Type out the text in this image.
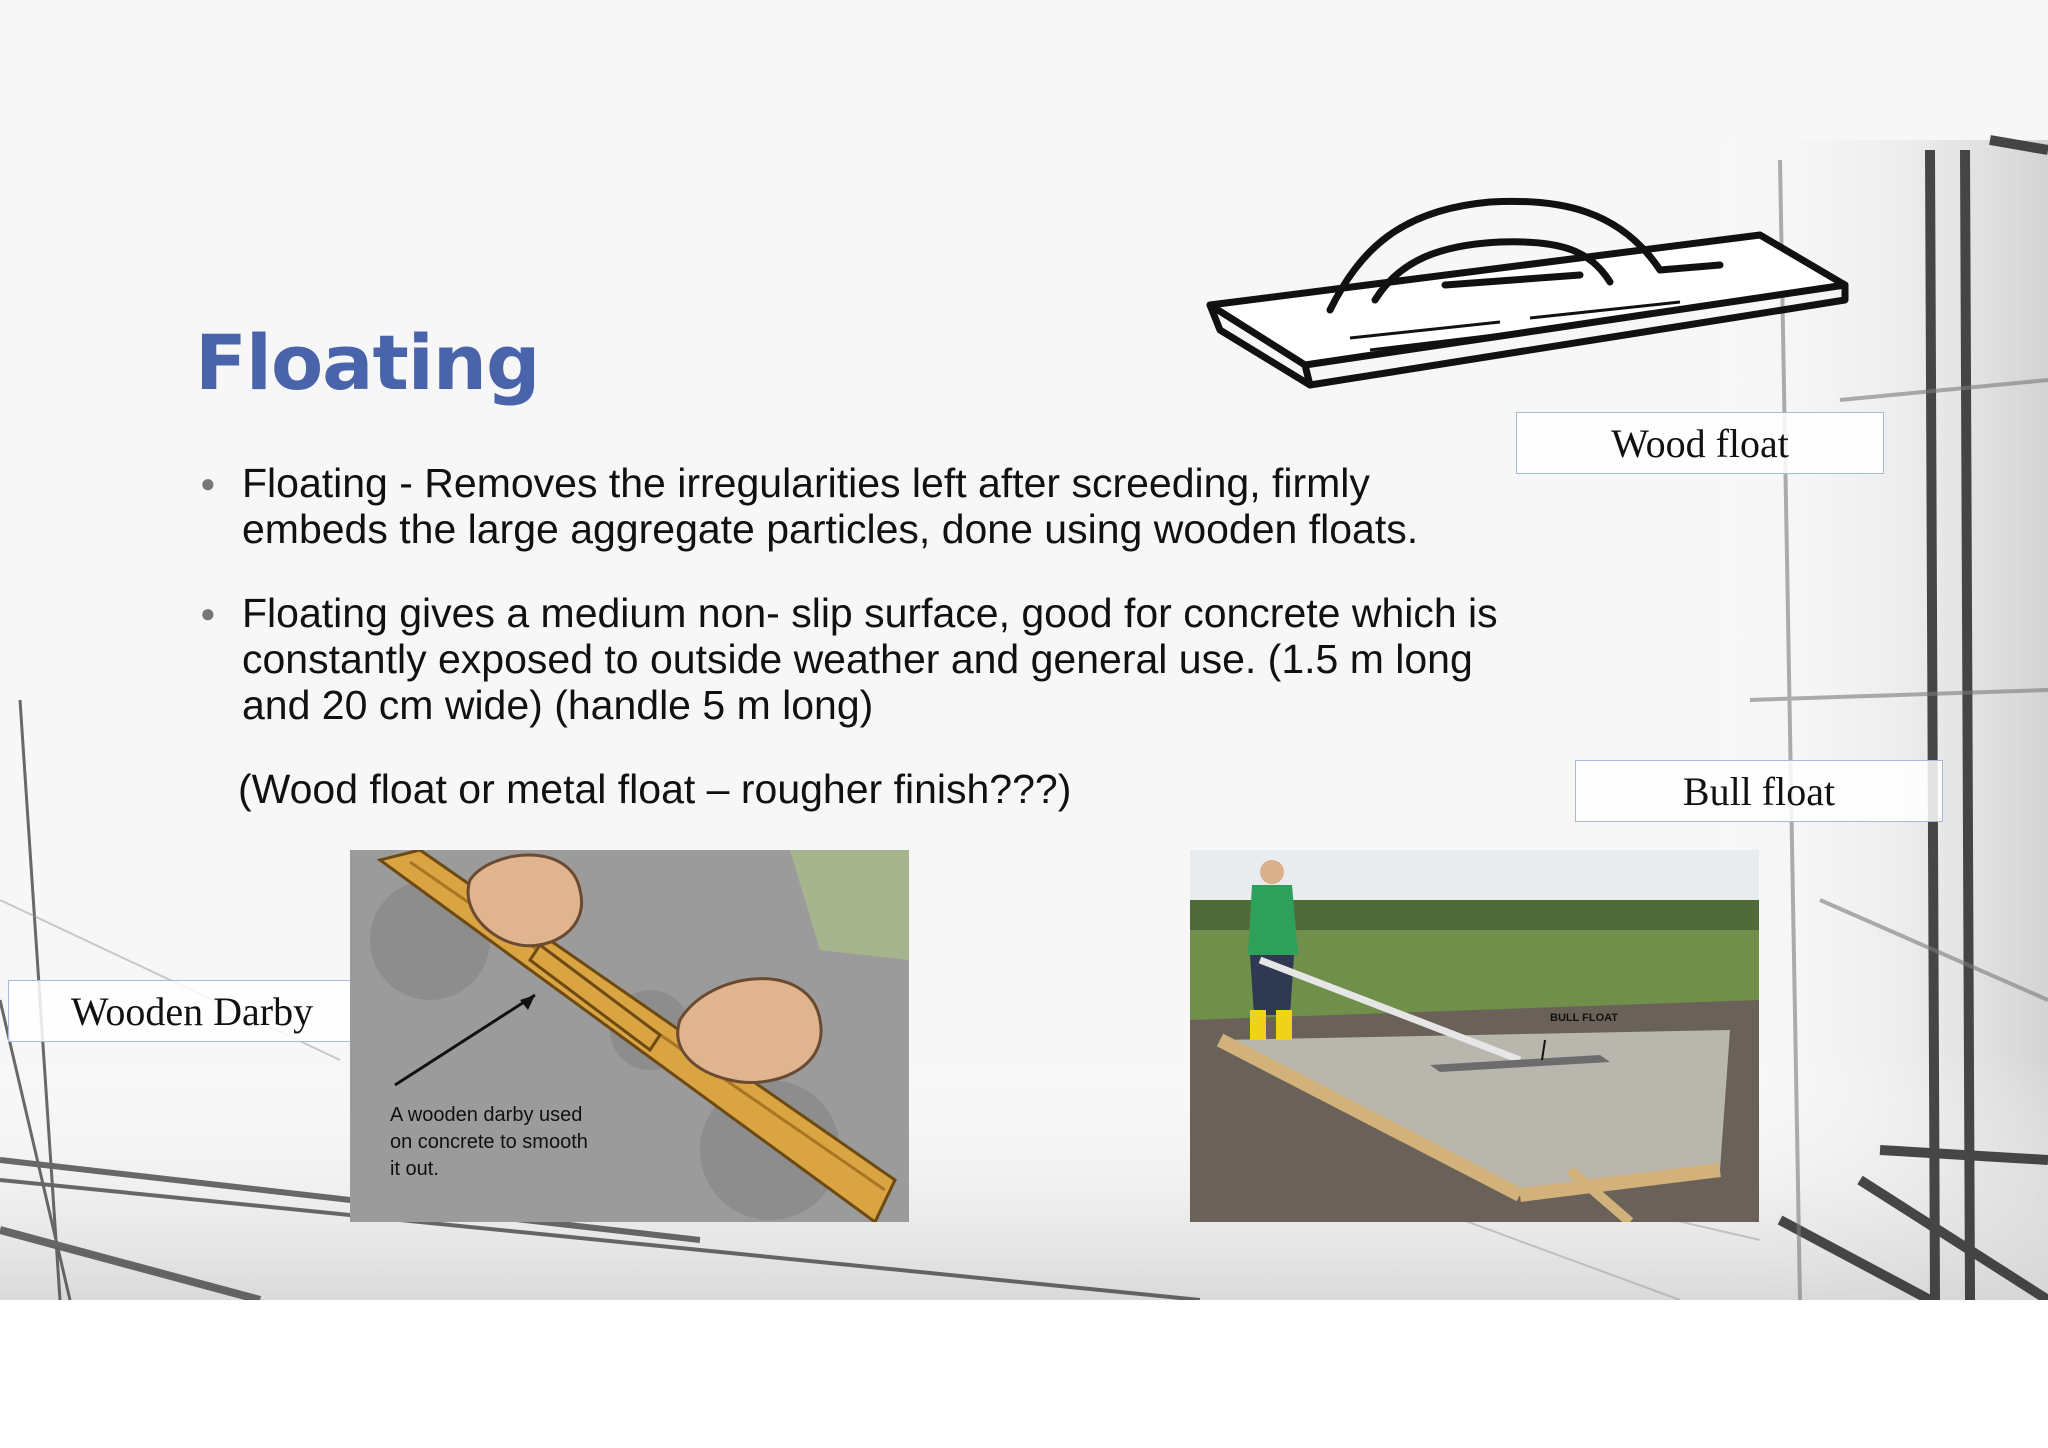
Floating
● Floating - Removes the irregularities left after screeding, firmly embeds the large aggregate particles, done using wooden floats.
● Floating gives a medium non- slip surface, good for concrete which is constantly exposed to outside weather and general use. (1.5 m long and 20 cm wide) (handle 5 m long)
(Wood float or metal float – rougher finish???)
Wood float
Bull float
Wooden Darby
A wooden darby used
on concrete to smooth
it out.
BULL FLOAT
